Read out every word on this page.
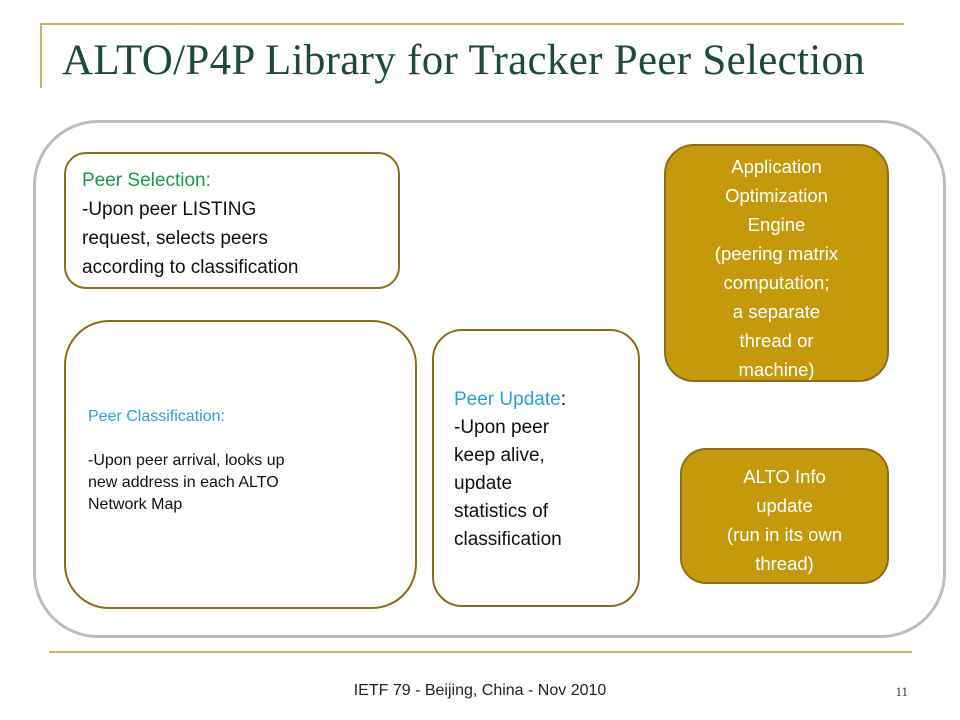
ALTO/P4P Library for Tracker Peer Selection
Peer Selection:
-Upon peer LISTING
request, selects peers
according to classification
Peer Classification:
-Upon peer arrival, looks up
new address in each ALTO
Network Map
Peer Update:
-Upon peer
keep alive,
update
statistics of
classification
Application
Optimization
Engine
(peering matrix
computation;
a separate
thread or
machine)
ALTO Info
update
(run in its own
thread)
IETF 79 - Beijing, China - Nov 2010	11
